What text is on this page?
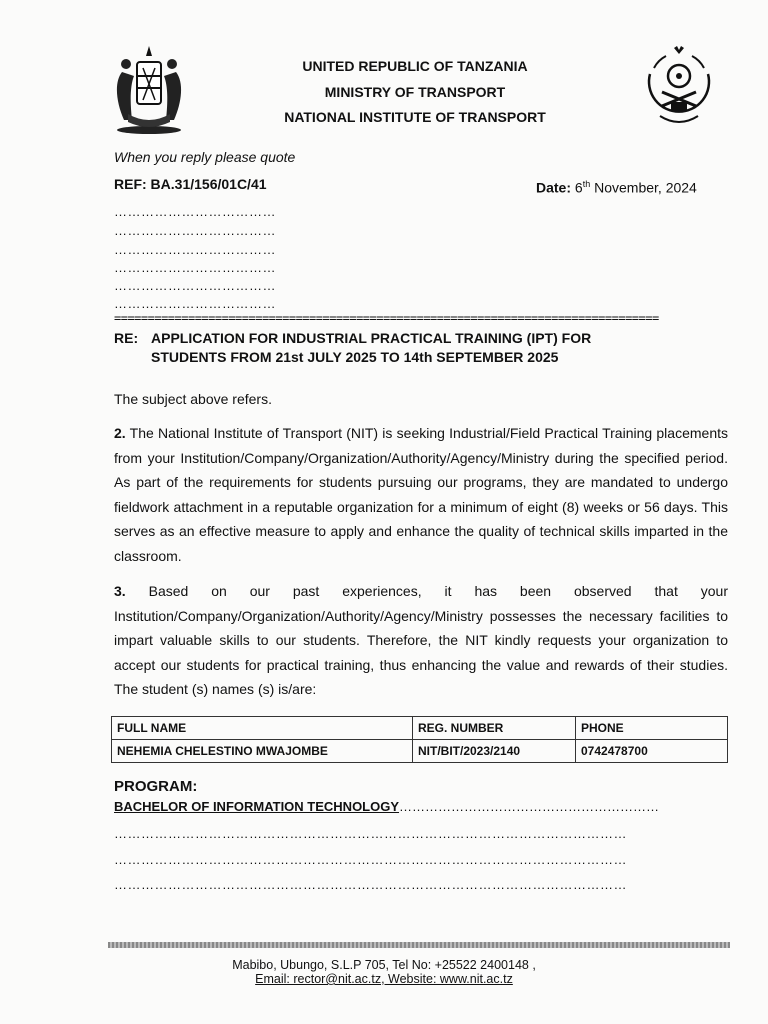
UNITED REPUBLIC OF TANZANIA
MINISTRY OF TRANSPORT
NATIONAL INSTITUTE OF TRANSPORT
When you reply please quote
REF: BA.31/156/01C/41	Date: 6th November, 2024
………………………………
………………………………
………………………………
………………………………
………………………………
………………………………
=================================================================================
RE: APPLICATION FOR INDUSTRIAL PRACTICAL TRAINING (IPT) FOR
STUDENTS FROM 21st JULY 2025 TO 14th SEPTEMBER 2025
The subject above refers.
2. The National Institute of Transport (NIT) is seeking Industrial/Field Practical Training placements from your Institution/Company/Organization/Authority/Agency/Ministry during the specified period. As part of the requirements for students pursuing our programs, they are mandated to undergo fieldwork attachment in a reputable organization for a minimum of eight (8) weeks or 56 days. This serves as an effective measure to apply and enhance the quality of technical skills imparted in the classroom.
3. Based on our past experiences, it has been observed that your Institution/Company/Organization/Authority/Agency/Ministry possesses the necessary facilities to impart valuable skills to our students. Therefore, the NIT kindly requests your organization to accept our students for practical training, thus enhancing the value and rewards of their studies. The student (s) names (s) is/are:
FULL NAME	REG. NUMBER	PHONE
NEHEMIA CHELESTINO MWAJOMBE	NIT/BIT/2023/2140	0742478700
PROGRAM:
BACHELOR OF INFORMATION TECHNOLOGY……………………………………………………
……………………………………………………………………………………………………
……………………………………………………………………………………………………
……………………………………………………………………………………………………
Mabibo, Ubungo, S.L.P 705, Tel No: +25522 2400148 ,
Email: rector@nit.ac.tz, Website: www.nit.ac.tz
